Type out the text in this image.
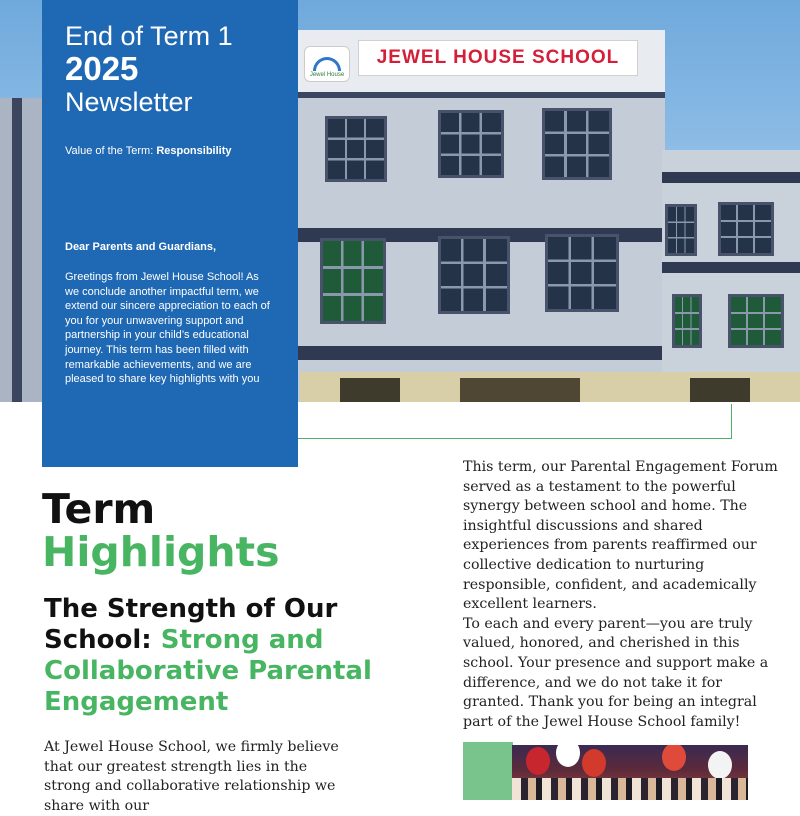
Jewel House
JEWEL HOUSE SCHOOL
End of Term 1
2025
Newsletter
Value of the Term: Responsibility
Dear Parents and Guardians,
Greetings from Jewel House School! As we conclude another impactful term, we extend our sincere appreciation to each of you for your unwavering support and partnership in your child’s educational journey. This term has been filled with remarkable achievements, and we are pleased to share key highlights with you
Term
Highlights
The Strength of Our School: Strong and Collaborative Parental Engagement
At Jewel House School, we firmly believe that our greatest strength lies in the strong and collaborative relationship we share with our

This term, our Parental Engagement Forum served as a testament to the powerful synergy between school and home. The insightful discussions and shared experiences from parents reaffirmed our collective dedication to nurturing responsible, confident, and academically excellent learners.

To each and every parent—you are truly valued, honored, and cherished in this school. Your presence and support make a difference, and we do not take it for granted. Thank you for being an integral part of the Jewel House School family!
